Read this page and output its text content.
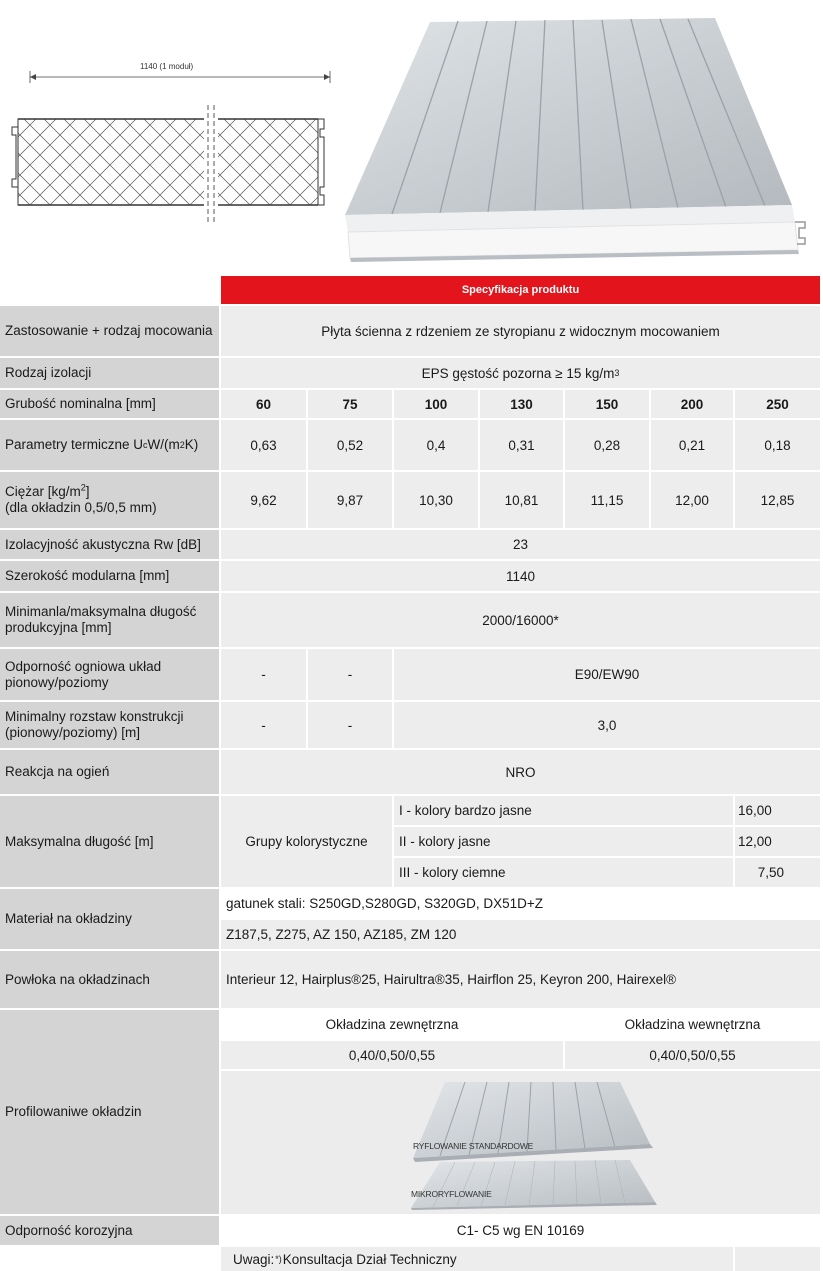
1140 (1 moduł)
Specyfikacja produktu
Zastosowanie + rodzaj mocowania	Płyta ścienna z rdzeniem ze styropianu z widocznym mocowaniem
Rodzaj izolacji	EPS gęstość pozorna ≥ 15 kg/m 3
Grubość nominalna [mm]	60	75	100	130	150	200	250
Parametry termiczne U c W/(m 2 K)	0,63	0,52	0,4	0,31	0,28	0,21	0,18
Ciężar $[kg/m^2]$
(dla okładzin 0,5/0,5 mm)	9,62	9,87	10,30	10,81	11,15	12,00	12,85
Izolacyjność akustyczna Rw [dB]	23
Szerokość modularna [mm]	1140
Minimanla/maksymalna długość
produkcyjna [mm]	2000/16000*
Odporność ogniowa układ
pionowy/poziomy	-	-	E90/EW90
Minimalny rozstaw konstrukcji
(pionowy/poziomy) [m]	-	-	3,0
Reakcja na ogień	NRO
Maksymalna długość [m]	Grupy kolorystyczne
I - kolory bardzo jasne	16,00
II - kolory jasne	12,00
III - kolory ciemne	7,50
Materiał na okładziny
gatunek stali: S250GD,S280GD, S320GD, DX51D+Z
Z187,5, Z275, AZ 150, AZ185, ZM 120
Powłoka na okładzinach	Interieur 12, Hairplus®25, Hairultra®35, Hairflon 25, Keyron 200, Hairexel®
Profilowaniwe okładzin
Okładzina zewnętrzna	Okładzina wewnętrzna
0,40/0,50/0,55	0,40/0,50/0,55
RYFLOWANIE STANDARDOWE
MIKRORYFLOWANIE
Odporność korozyjna	C1- C5 wg EN 10169
Uwagi: *) Konsultacja Dział Techniczny
